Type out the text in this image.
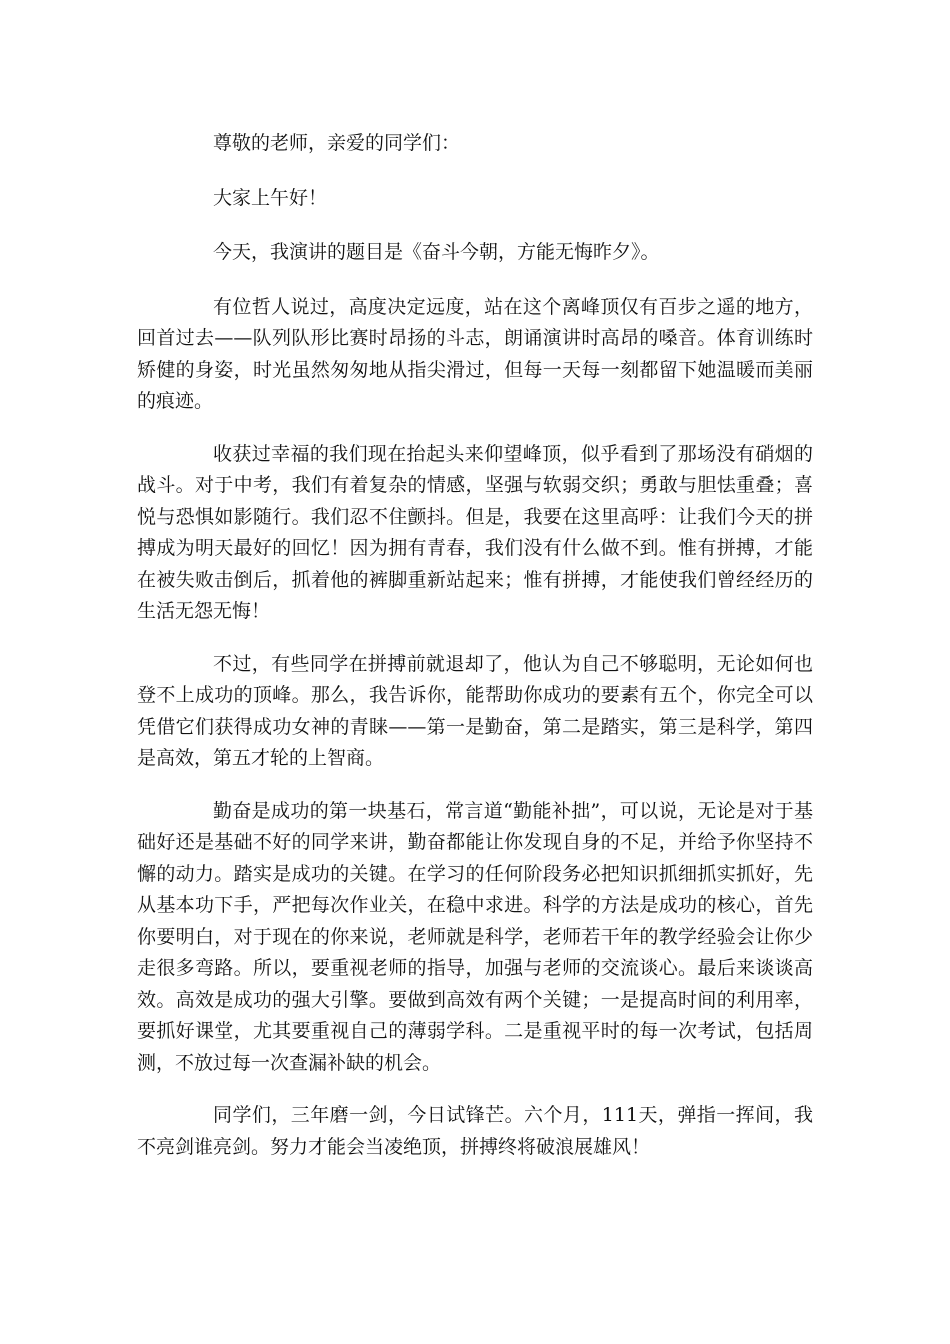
尊敬的老师，亲爱的同学们：

大家上午好！

今天，我演讲的题目是《奋斗今朝，方能无悔昨夕》。

有位哲人说过，高度决定远度，站在这个离峰顶仅有百步之遥的地方，回首过去——队列队形比赛时昂扬的斗志，朗诵演讲时高昂的嗓音。体育训练时矫健的身姿，时光虽然匆匆地从指尖滑过，但每一天每一刻都留下她温暖而美丽的痕迹。

收获过幸福的我们现在抬起头来仰望峰顶，似乎看到了那场没有硝烟的战斗。对于中考，我们有着复杂的情感，坚强与软弱交织；勇敢与胆怯重叠；喜悦与恐惧如影随行。我们忍不住颤抖。但是，我要在这里高呼：让我们今天的拼搏成为明天最好的回忆！因为拥有青春，我们没有什么做不到。惟有拼搏，才能在被失败击倒后，抓着他的裤脚重新站起来；惟有拼搏，才能使我们曾经经历的生活无怨无悔！

不过，有些同学在拼搏前就退却了，他认为自己不够聪明，无论如何也登不上成功的顶峰。那么，我告诉你，能帮助你成功的要素有五个，你完全可以凭借它们获得成功女神的青睐——第一是勤奋，第二是踏实，第三是科学，第四是高效，第五才轮的上智商。

勤奋是成功的第一块基石，常言道“勤能补拙”，可以说，无论是对于基础好还是基础不好的同学来讲，勤奋都能让你发现自身的不足，并给予你坚持不懈的动力。踏实是成功的关键。在学习的任何阶段务必把知识抓细抓实抓好，先从基本功下手，严把每次作业关，在稳中求进。科学的方法是成功的核心，首先你要明白，对于现在的你来说，老师就是科学，老师若干年的教学经验会让你少走很多弯路。所以，要重视老师的指导，加强与老师的交流谈心。最后来谈谈高效。高效是成功的强大引擎。要做到高效有两个关键；一是提高时间的利用率，要抓好课堂，尤其要重视自己的薄弱学科。二是重视平时的每一次考试，包括周测，不放过每一次查漏补缺的机会。

同学们，三年磨一剑，今日试锋芒。六个月，111天，弹指一挥间，我不亮剑谁亮剑。努力才能会当凌绝顶，拼搏终将破浪展雄风！
